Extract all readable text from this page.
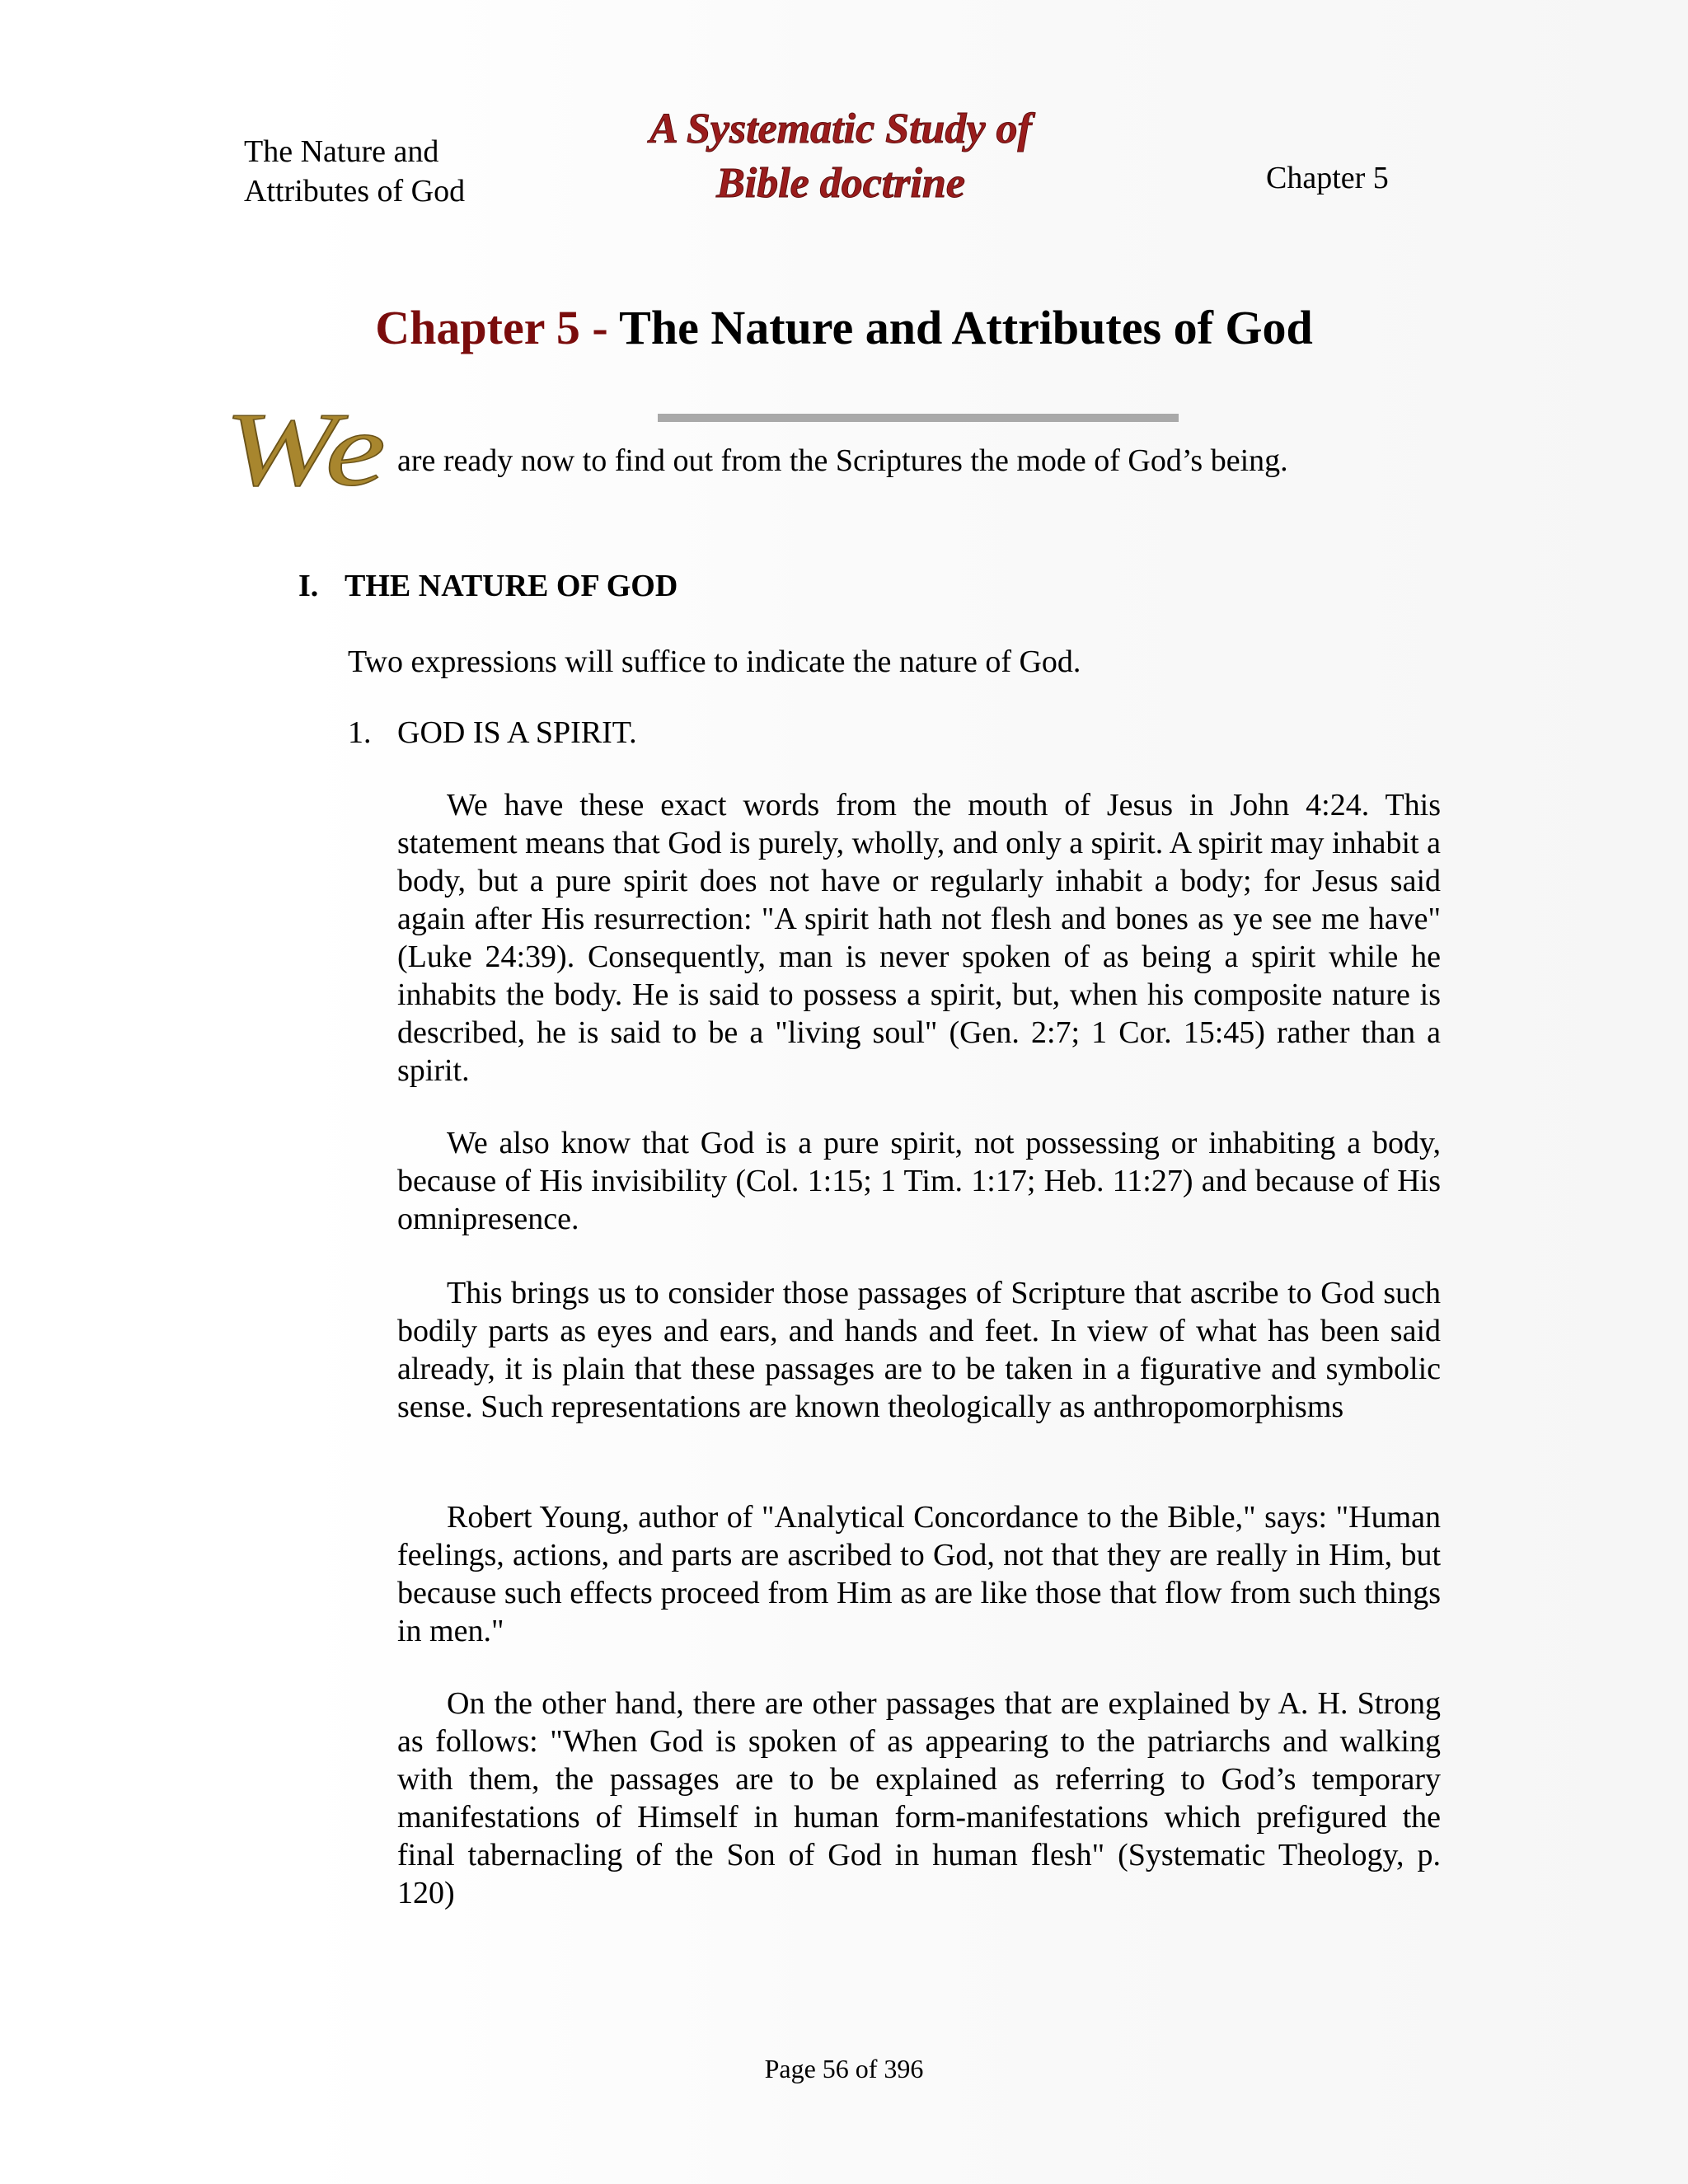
The Nature and
Attributes of God
A Systematic Study of
Bible doctrine	Chapter 5
Chapter 5 - The Nature and Attributes of God
We are ready now to find out from the Scriptures the mode of God’s being.
I. THE NATURE OF GOD
Two expressions will suffice to indicate the nature of God.
1. GOD IS A SPIRIT.

We have these exact words from the mouth of Jesus in John 4:24. This statement means that God is purely, wholly, and only a spirit. A spirit may inhabit a body, but a pure spirit does not have or regularly inhabit a body; for Jesus said again after His resurrection: "A spirit hath not flesh and bones as ye see me have" (Luke 24:39). Consequently, man is never spoken of as being a spirit while he inhabits the body. He is said to possess a spirit, but, when his composite nature is described, he is said to be a "living soul" (Gen. 2:7; 1 Cor. 15:45) rather than a spirit.

We also know that God is a pure spirit, not possessing or inhabiting a body, because of His invisibility (Col. 1:15; 1 Tim. 1:17; Heb. 11:27) and because of His omnipresence.

This brings us to consider those passages of Scripture that ascribe to God such bodily parts as eyes and ears, and hands and feet. In view of what has been said already, it is plain that these passages are to be taken in a figurative and symbolic sense. Such representations are known theologically as anthropomorphisms

Robert Young, author of "Analytical Concordance to the Bible," says: "Human feelings, actions, and parts are ascribed to God, not that they are really in Him, but because such effects proceed from Him as are like those that flow from such things in men."

On the other hand, there are other passages that are explained by A. H. Strong as follows: "When God is spoken of as appearing to the patriarchs and walking with them, the passages are to be explained as referring to God’s temporary manifestations of Himself in human form-manifestations which prefigured the final tabernacling of the Son of God in human flesh" (Systematic Theology, p. 120)

Page 56 of 396
